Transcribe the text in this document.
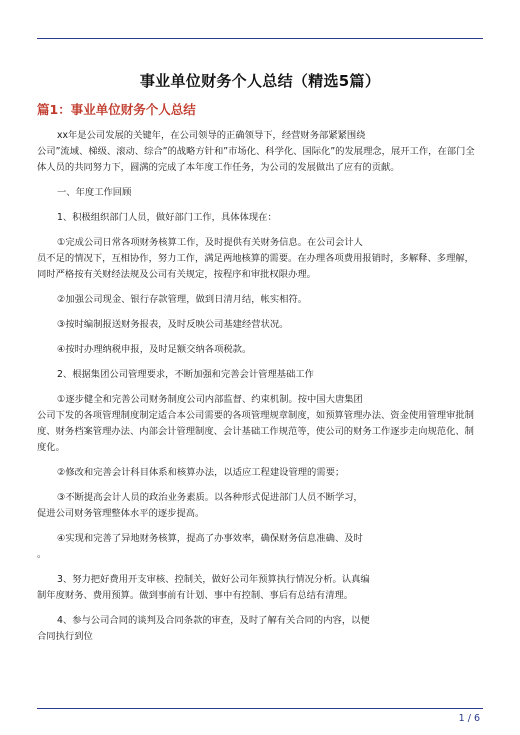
事业单位财务个人总结（精选5篇）
篇1：事业单位财务个人总结

xx年是公司发展的关键年，在公司领导的正确领导下，经营财务部紧紧围绕
公司”流域、梯级、滚动、综合”的战略方针和”市场化、科学化、国际化”的发展理念，展开工作，在部门全体人员的共同努力下，圆满的完成了本年度工作任务，为公司的发展做出了应有的贡献。

一、年度工作回顾

1、积极组织部门人员，做好部门工作，具体体现在：

①完成公司日常各项财务核算工作，及时提供有关财务信息。在公司会计人
员不足的情况下，互相协作，努力工作，满足两地核算的需要。在办理各项费用报销时，多解释、多理解，同时严格按有关财经法规及公司有关规定，按程序和审批权限办理。

②加强公司现金、银行存款管理，做到日清月结，帐实相符。

③按时编制报送财务报表，及时反映公司基建经营状况。

④按时办理纳税申报，及时足额交纳各项税款。

2、根据集团公司管理要求，不断加强和完善会计管理基础工作

①逐步健全和完善公司财务制度公司内部监督、约束机制。按中国大唐集团
公司下发的各项管理制度制定适合本公司需要的各项管理规章制度，如预算管理办法、资金使用管理审批制度、财务档案管理办法、内部会计管理制度、会计基础工作规范等，使公司的财务工作逐步走向规范化、制度化。

②修改和完善会计科目体系和核算办法，以适应工程建设管理的需要；

③不断提高会计人员的政治业务素质。以各种形式促进部门人员不断学习，
促进公司财务管理整体水平的逐步提高。

④实现和完善了异地财务核算，提高了办事效率，确保财务信息准确、及时
。

3、努力把好费用开支审核、控制关，做好公司年预算执行情况分析。认真编
制年度财务、费用预算。做到事前有计划、事中有控制、事后有总结有清理。

4、参与公司合同的谈判及合同条款的审查，及时了解有关合同的内容，以便
合同执行到位

1 / 6
